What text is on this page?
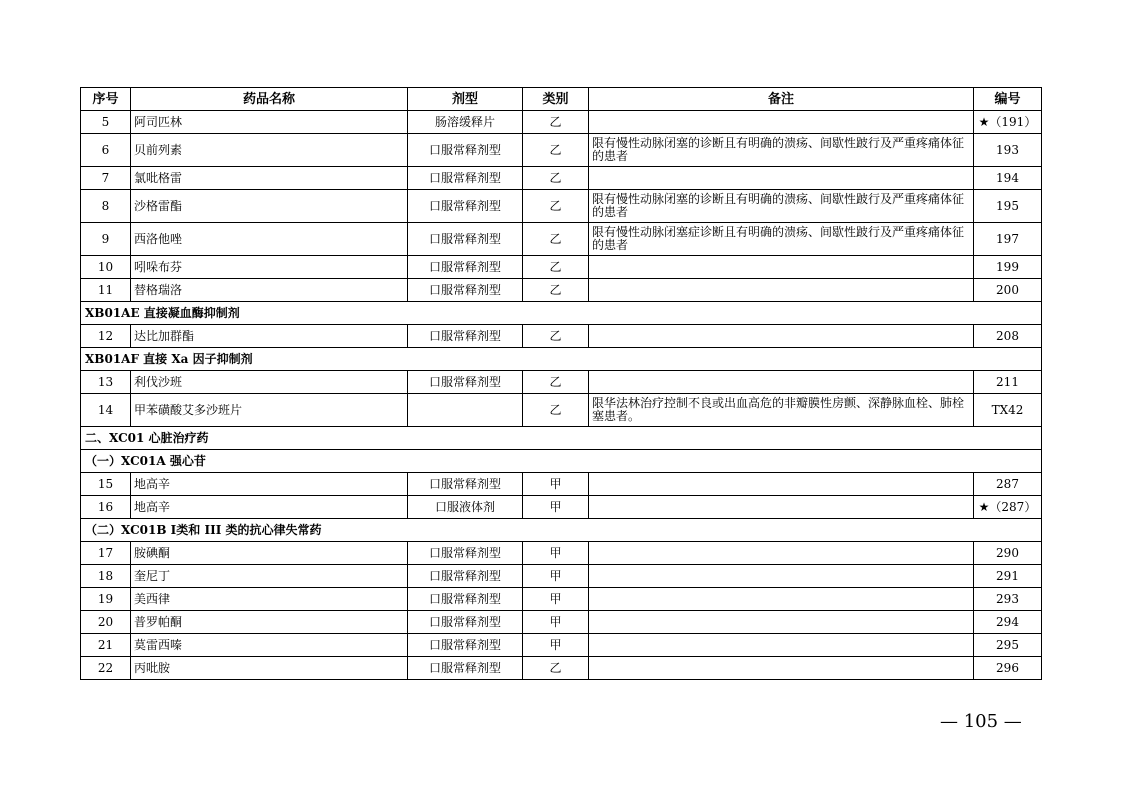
序号	药品名称	剂型	类别	备注	编号
5	阿司匹林	肠溶缓释片	乙		★（191）
6	贝前列素	口服常释剂型	乙	限有慢性动脉闭塞的诊断且有明确的溃疡、间歇性跛行及严重疼痛体征的患者	193
7	氯吡格雷	口服常释剂型	乙		194
8	沙格雷酯	口服常释剂型	乙	限有慢性动脉闭塞的诊断且有明确的溃疡、间歇性跛行及严重疼痛体征的患者	195
9	西洛他唑	口服常释剂型	乙	限有慢性动脉闭塞症诊断且有明确的溃疡、间歇性跛行及严重疼痛体征的患者	197
10	吲哚布芬	口服常释剂型	乙		199
11	替格瑞洛	口服常释剂型	乙		200
XB01AE 直接凝血酶抑制剂					
12	达比加群酯	口服常释剂型	乙		208
XB01AF 直接 Xa 因子抑制剂					
13	利伐沙班	口服常释剂型	乙		211
14	甲苯磺酸艾多沙班片		乙	限华法林治疗控制不良或出血高危的非瓣膜性房颤、深静脉血栓、肺栓塞患者。	TX42
二、XC01 心脏治疗药					
（一）XC01A 强心苷					
15	地高辛	口服常释剂型	甲		287
16	地高辛	口服液体剂	甲		★（287）
（二）XC01B Ⅰ类和 III 类的抗心律失常药					
17	胺碘酮	口服常释剂型	甲		290
18	奎尼丁	口服常释剂型	甲		291
19	美西律	口服常释剂型	甲		293
20	普罗帕酮	口服常释剂型	甲		294
21	莫雷西嗪	口服常释剂型	甲		295
22	丙吡胺	口服常释剂型	乙		296
— 105 —
